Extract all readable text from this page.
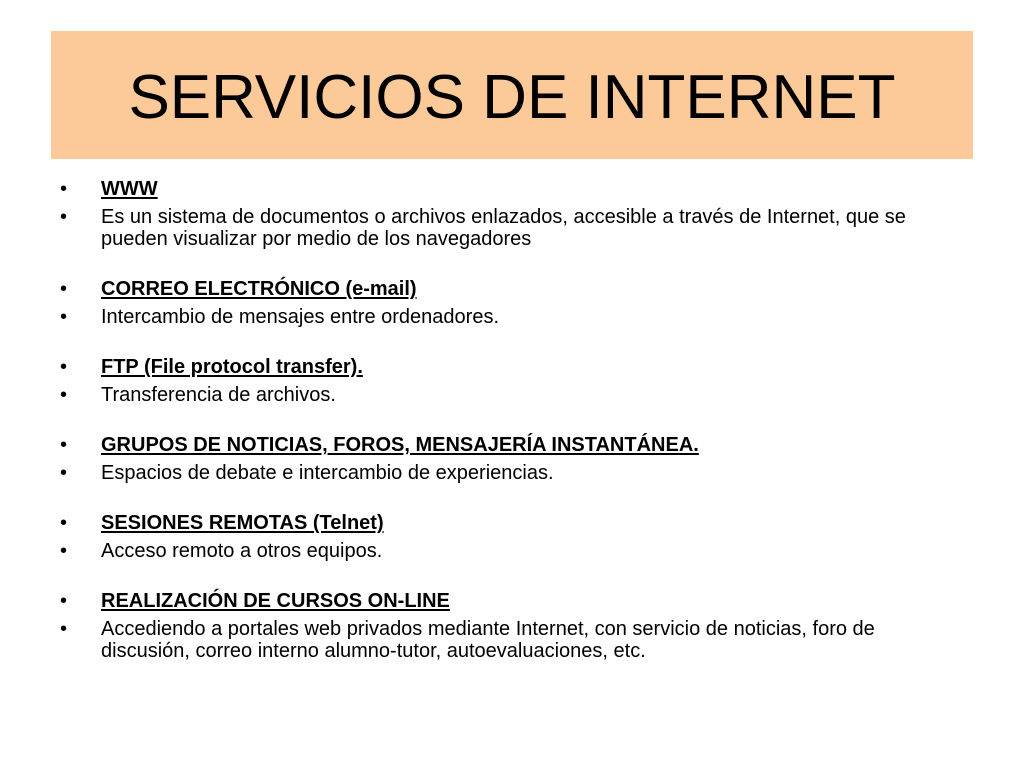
SERVICIOS DE INTERNET
•	WWW
•	Es un sistema de documentos o archivos enlazados, accesible a través de Internet, que se pueden visualizar por medio de los navegadores
•	CORREO ELECTRÓNICO (e-mail)
•	Intercambio de mensajes entre ordenadores.
•	FTP (File protocol transfer).
•	Transferencia de archivos.
•	GRUPOS DE NOTICIAS, FOROS, MENSAJERÍA INSTANTÁNEA.
•	Espacios de debate e intercambio de experiencias.
•	SESIONES REMOTAS (Telnet)
•	Acceso remoto a otros equipos.
•	REALIZACIÓN DE CURSOS ON-LINE
•	Accediendo a portales web privados mediante Internet, con servicio de noticias, foro de discusión, correo interno alumno-tutor, autoevaluaciones, etc.
